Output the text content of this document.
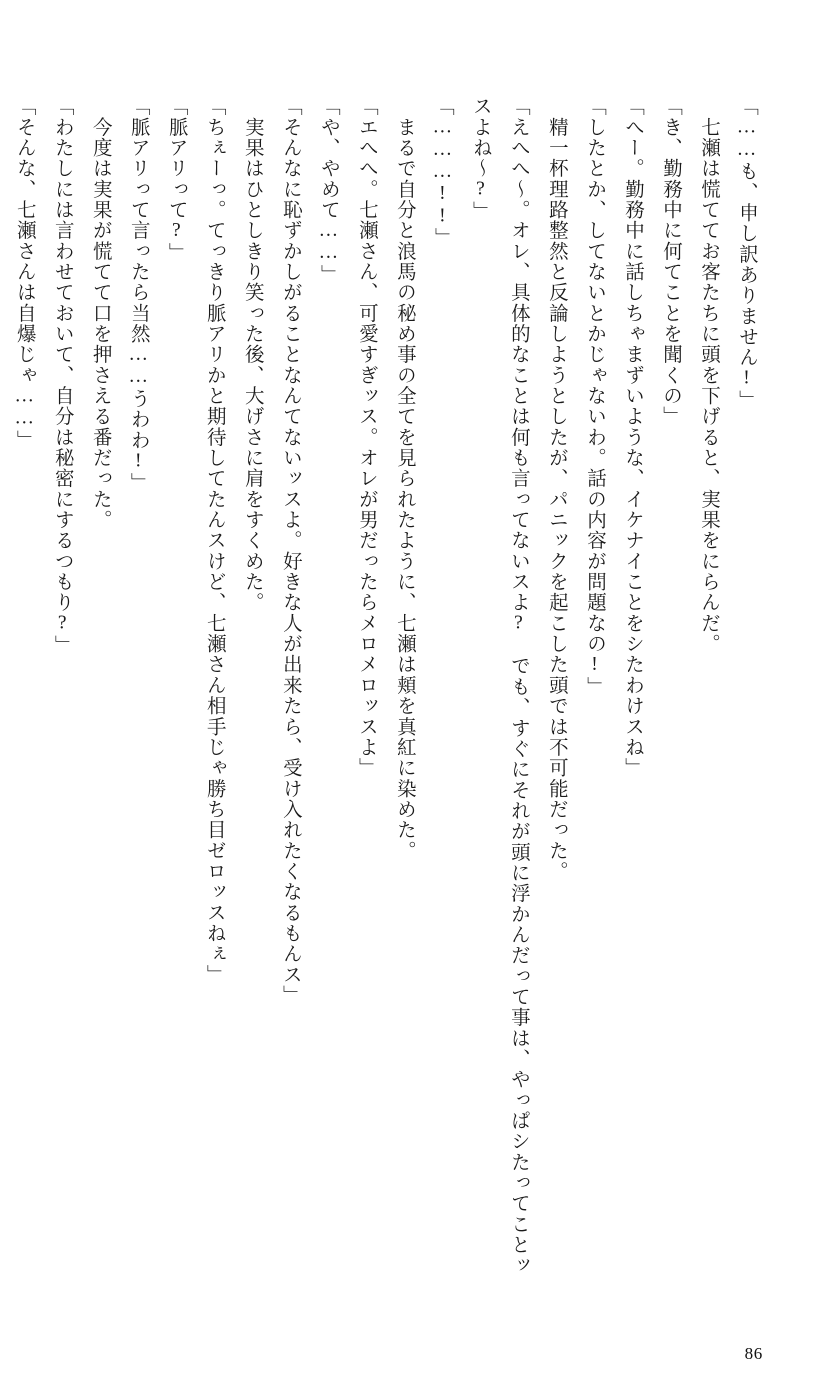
「……も、申し訳ありません!」
　七瀬は慌ててお客たちに頭を下げると、実果をにらんだ。
「き、勤務中に何てことを聞くの」
「へー。勤務中に話しちゃまずいような、イケナイことをシたわけスね」
「したとか、してないとかじゃないわ。話の内容が問題なの!」
　精一杯理路整然と反論しようとしたが、パニックを起こした頭では不可能だった。
「えへへ〜。オレ、具体的なことは何も言ってないスよ?　でも、すぐにそれが頭に浮かんだって事は、やっぱシたってことッスよね〜?」
「………!!」
　まるで自分と浪馬の秘め事の全てを見られたように、七瀬は頬を真紅に染めた。
「エへへ。七瀬さん、可愛すぎッス。オレが男だったらメロメロッスよ」
「や、やめて……」
「そんなに恥ずかしがることなんてないッスよ。好きな人が出来たら、受け入れたくなるもんス」
　実果はひとしきり笑った後、大げさに肩をすくめた。
「ちぇーっ。てっきり脈アリかと期待してたんスけど、七瀬さん相手じゃ勝ち目ゼロッスねぇ」
「脈アリって?」
「脈アリって言ったら当然……うわわ!」
　今度は実果が慌てて口を押さえる番だった。
「わたしには言わせておいて、自分は秘密にするつもり?」
「そんな、七瀬さんは自爆じゃ……」
86
